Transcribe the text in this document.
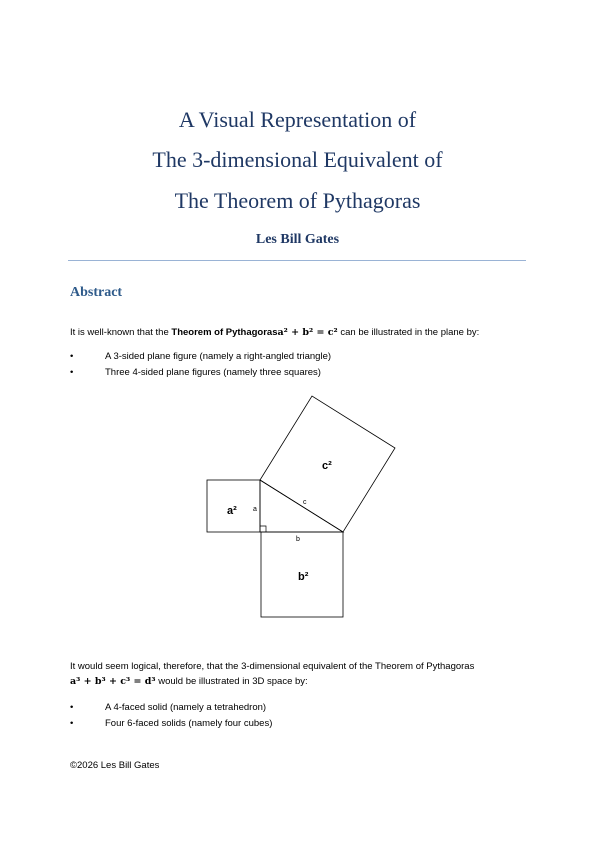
A Visual Representation of
The 3-dimensional Equivalent of
The Theorem of Pythagoras
Les Bill Gates
Abstract
It is well-known that the Theorem of Pythagorasa² + b² = c² can be illustrated in the plane by:
•	A 3-sided plane figure (namely a right-angled triangle)
•	Three 4-sided plane figures (namely three squares)
a²
c²
b²
a
b
c
It would seem logical, therefore, that the 3-dimensional equivalent of the Theorem of Pythagoras
a³ + b³ + c³ = d³ would be illustrated in 3D space by:
•	A 4-faced solid (namely a tetrahedron)
•	Four 6-faced solids (namely four cubes)
©2026 Les Bill Gates
